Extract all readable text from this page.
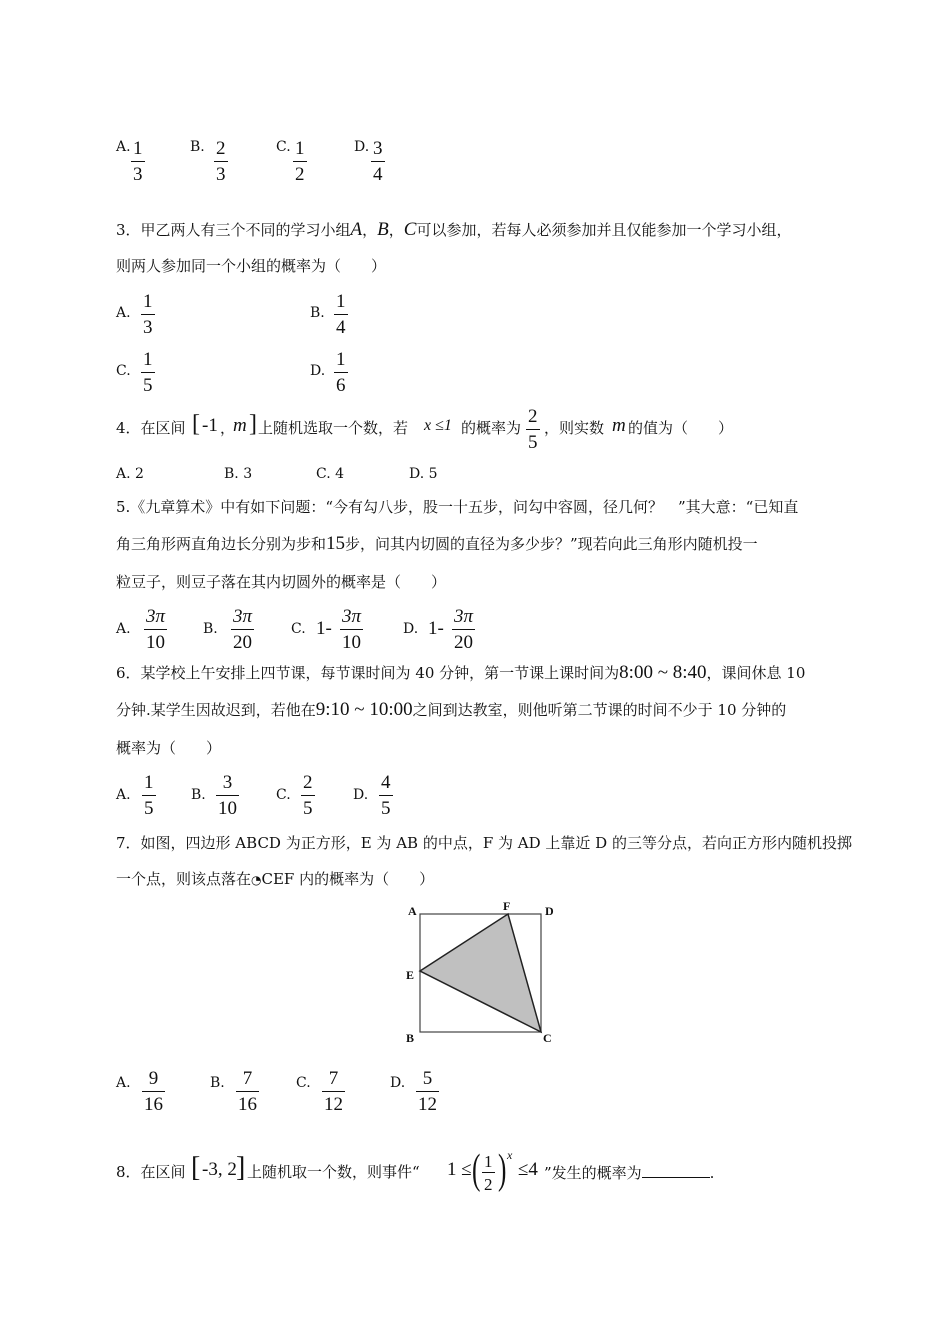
A. 1
3
B. 2
3
C. 1
2
D. 3
4
3．甲乙两人有三个不同的学习小组A，B，C可以参加，若每人必须参加并且仅能参加一个学习小组，
则两人参加同一个小组的概率为（　　）
A.
1
3
B.
1
4
C.
1
5
D.
1
6
4．在区间 [ -1 ，
m ] 上随机选取一个数，若 x ≤1 的概率为
2
5
，则实数 m 的值为（　　）
A. 2	B. 3	C. 4	D. 5
5.《九章算术》中有如下问题：“今有勾八步，股一十五步，问勾中容圆，径几何？　”其大意：“已知直
角三角形两直角边长分别为步和15步，问其内切圆的直径为多少步？”现若向此三角形内随机投一
粒豆子，则豆子落在其内切圆外的概率是（　　）
A.
3π
10
B.
3π
20
C. 1-
3π
10
D. 1-
3π
20
6．某学校上午安排上四节课，每节课时间为 40 分钟，第一节课上课时间为8:00 ~ 8:40，课间休息 10
分钟.某学生因故迟到，若他在9:10 ~ 10:00之间到达教室，则他听第二节课的时间不少于 10 分钟的
概率为（　　）
A.
1
5
B.
3
10
C.
2
5
D.
4
5
7．如图，四边形 ABCD 为正方形，E 为 AB 的中点，F 为 AD 上靠近 D 的三等分点，若向正方形内随机投掷
一个点，则该点落在◔CEF 内的概率为（　　）
A	F	D
E
B	C
A. 9
16
B. 7
16
C. 7
12
D. 5
12
8．在区间 [ -3, 2 ] 上随机取一个数，则事件“ 1 ≤ ( 1
2 ) x
≤4 ”发生的概率为	.
